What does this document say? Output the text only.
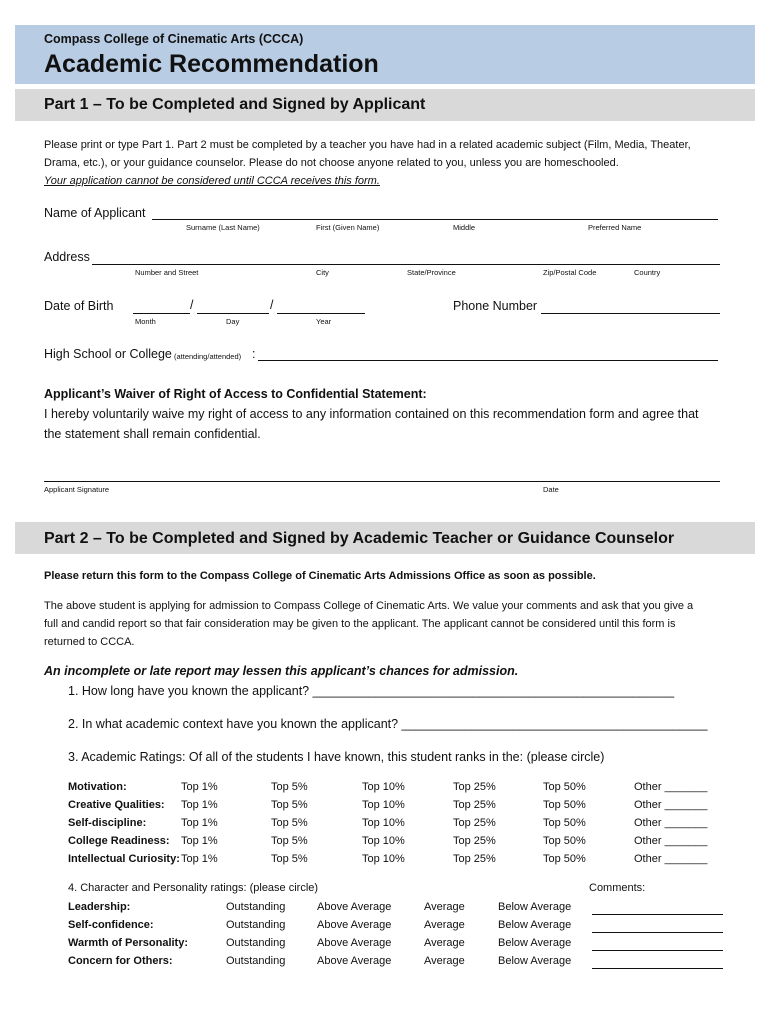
Compass College of Cinematic Arts (CCCA)
Academic Recommendation
Part 1 – To be Completed and Signed by Applicant
Please print or type Part 1. Part 2 must be completed by a teacher you have had in a related academic subject (Film, Media, Theater,
Drama, etc.), or your guidance counselor. Please do not choose anyone related to you, unless you are homeschooled.
Your application cannot be considered until CCCA receives this form.
Name of Applicant
Surname (Last Name)	First (Given Name)	Middle	Preferred Name
Address
Number and Street	City	State/Province	Zip/Postal Code	Country
Date of Birth	/	/
Month	Day	Year
Phone Number
High School or College (attending/attended) :
Applicant’s Waiver of Right of Access to Confidential Statement:
I hereby voluntarily waive my right of access to any information contained on this recommendation form and agree that
the statement shall remain confidential.
Applicant Signature	Date
Part 2 – To be Completed and Signed by Academic Teacher or Guidance Counselor
Please return this form to the Compass College of Cinematic Arts Admissions Office as soon as possible.
The above student is applying for admission to Compass College of Cinematic Arts. We value your comments and ask that you give a
full and candid report so that fair consideration may be given to the applicant. The applicant cannot be considered until this form is
returned to CCCA.
An incomplete or late report may lessen this applicant’s chances for admission.
1. How long have you known the applicant? ____________________________________________________
2. In what academic context have you known the applicant? ____________________________________________
3. Academic Ratings: Of all of the students I have known, this student ranks in the: (please circle)
Motivation:	Top 1%	Top 5%	Top 10%	Top 25%	Top 50%	Other _______
Creative Qualities: Top 1%	Top 5%	Top 10%	Top 25%	Top 50%	Other _______
Self-discipline:	Top 1%	Top 5%	Top 10%	Top 25%	Top 50%	Other _______
College Readiness: Top 1%	Top 5%	Top 10%	Top 25%	Top 50%	Other _______
Intellectual Curiosity: Top 1%	Top 5%	Top 10%	Top 25%	Top 50%	Other _______
4. Character and Personality ratings: (please circle)	Comments:
Leadership:	Outstanding	Above Average	Average	Below Average
Self-confidence:	Outstanding	Above Average	Average	Below Average
Warmth of Personality:	Outstanding	Above Average	Average	Below Average
Concern for Others:	Outstanding	Above Average	Average	Below Average
